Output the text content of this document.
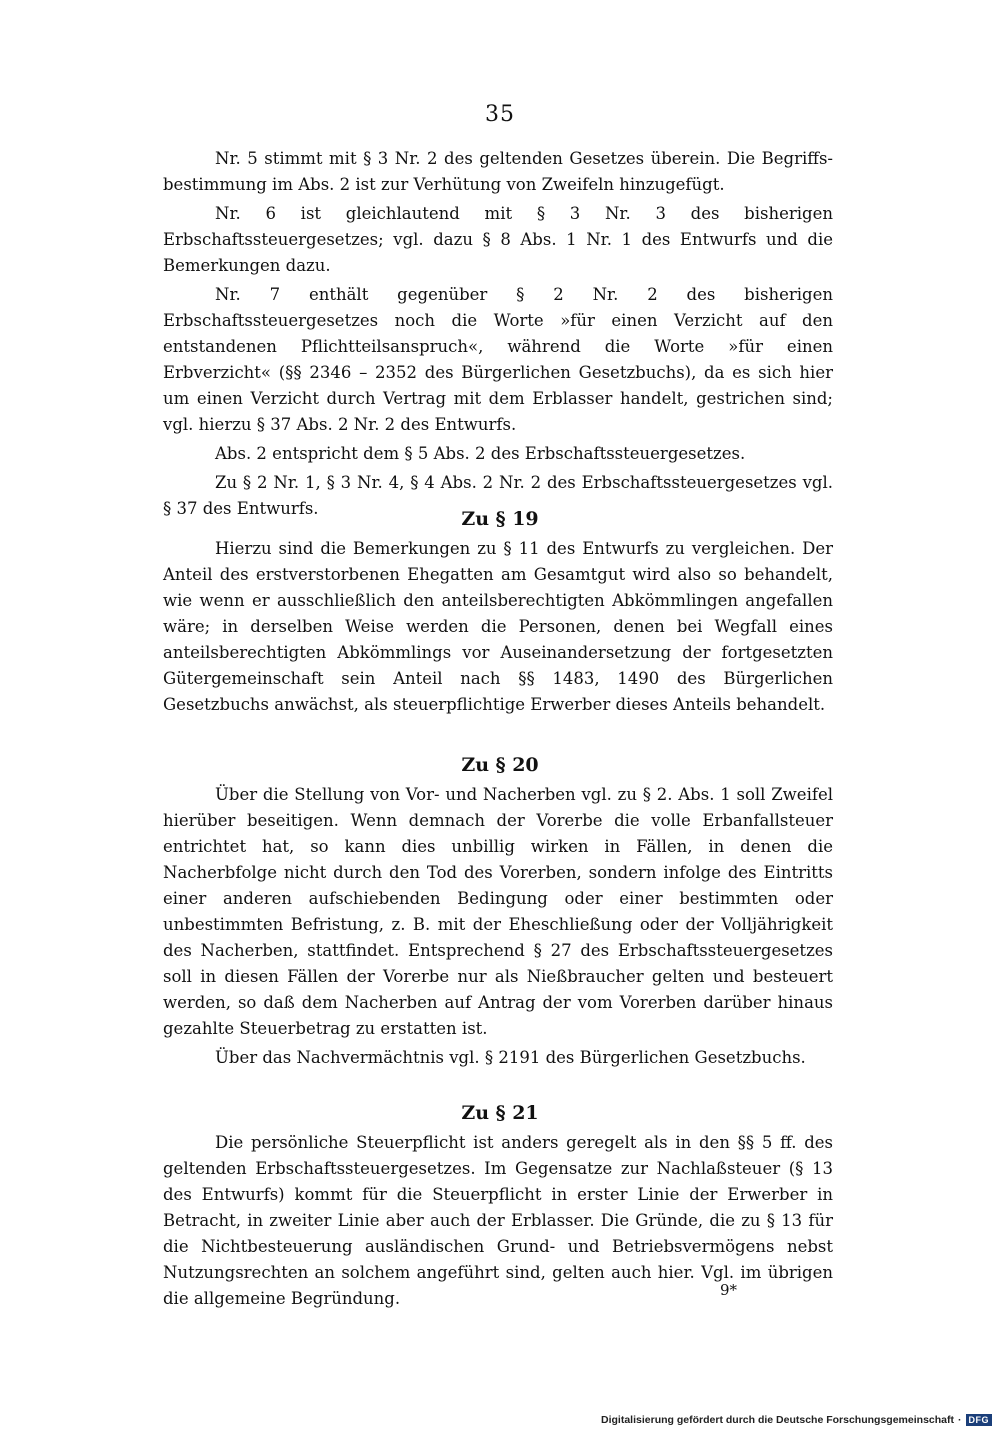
35

Nr. 5 stimmt mit § 3 Nr. 2 des geltenden Gesetzes überein. Die Begriffsbestimmung im Abs. 2 ist zur Verhütung von Zweifeln hinzugefügt.

Nr. 6 ist gleichlautend mit § 3 Nr. 3 des bisherigen Erbschaftssteuergesetzes; vgl. dazu § 8 Abs. 1 Nr. 1 des Entwurfs und die Bemerkungen dazu.

Nr. 7 enthält gegenüber § 2 Nr. 2 des bisherigen Erbschaftssteuergesetzes noch die Worte »für einen Verzicht auf den entstandenen Pflichtteilsanspruch«, während die Worte »für einen Erbverzicht« (§§ 2346 – 2352 des Bürgerlichen Gesetzbuchs), da es sich hier um einen Verzicht durch Vertrag mit dem Erblasser handelt, gestrichen sind; vgl. hierzu § 37 Abs. 2 Nr. 2 des Entwurfs.

Abs. 2 entspricht dem § 5 Abs. 2 des Erbschaftssteuergesetzes.

Zu § 2 Nr. 1, § 3 Nr. 4, § 4 Abs. 2 Nr. 2 des Erbschaftssteuergesetzes vgl. § 37 des Entwurfs.	Zu § 19

Hierzu sind die Bemerkungen zu § 11 des Entwurfs zu vergleichen. Der Anteil des erstverstorbenen Ehegatten am Gesamtgut wird also so behandelt, wie wenn er ausschließlich den anteilsberechtigten Abkömmlingen angefallen wäre; in derselben Weise werden die Personen, denen bei Wegfall eines anteilsberechtigten Abkömmlings vor Auseinandersetzung der fortgesetzten Gütergemeinschaft sein Anteil nach §§ 1483, 1490 des Bürgerlichen Gesetzbuchs anwächst, als steuerpflichtige Erwerber dieses Anteils behandelt.

Zu § 20

Über die Stellung von Vor- und Nacherben vgl. zu § 2. Abs. 1 soll Zweifel hierüber beseitigen. Wenn demnach der Vorerbe die volle Erbanfallsteuer entrichtet hat, so kann dies unbillig wirken in Fällen, in denen die Nacherbfolge nicht durch den Tod des Vorerben, sondern infolge des Eintritts einer anderen aufschiebenden Bedingung oder einer bestimmten oder unbestimmten Befristung, z. B. mit der Eheschließung oder der Volljährigkeit des Nacherben, stattfindet. Entsprechend § 27 des Erbschaftssteuergesetzes soll in diesen Fällen der Vorerbe nur als Nießbraucher gelten und besteuert werden, so daß dem Nacherben auf Antrag der vom Vorerben darüber hinaus gezahlte Steuerbetrag zu erstatten ist.

Über das Nachvermächtnis vgl. § 2191 des Bürgerlichen Gesetzbuchs.

Zu § 21

Die persönliche Steuerpflicht ist anders geregelt als in den §§ 5 ff. des geltenden Erbschaftssteuergesetzes. Im Gegensatze zur Nachlaßsteuer (§ 13 des Entwurfs) kommt für die Steuerpflicht in erster Linie der Erwerber in Betracht, in zweiter Linie aber auch der Erblasser. Die Gründe, die zu § 13 für die Nichtbesteuerung ausländischen Grund- und Betriebsvermögens nebst Nutzungsrechten an solchem angeführt sind, gelten auch hier. Vgl. im übrigen die allgemeine Begründung.	9*
Digitalisierung gefördert durch die Deutsche Forschungsgemeinschaft · DFG
